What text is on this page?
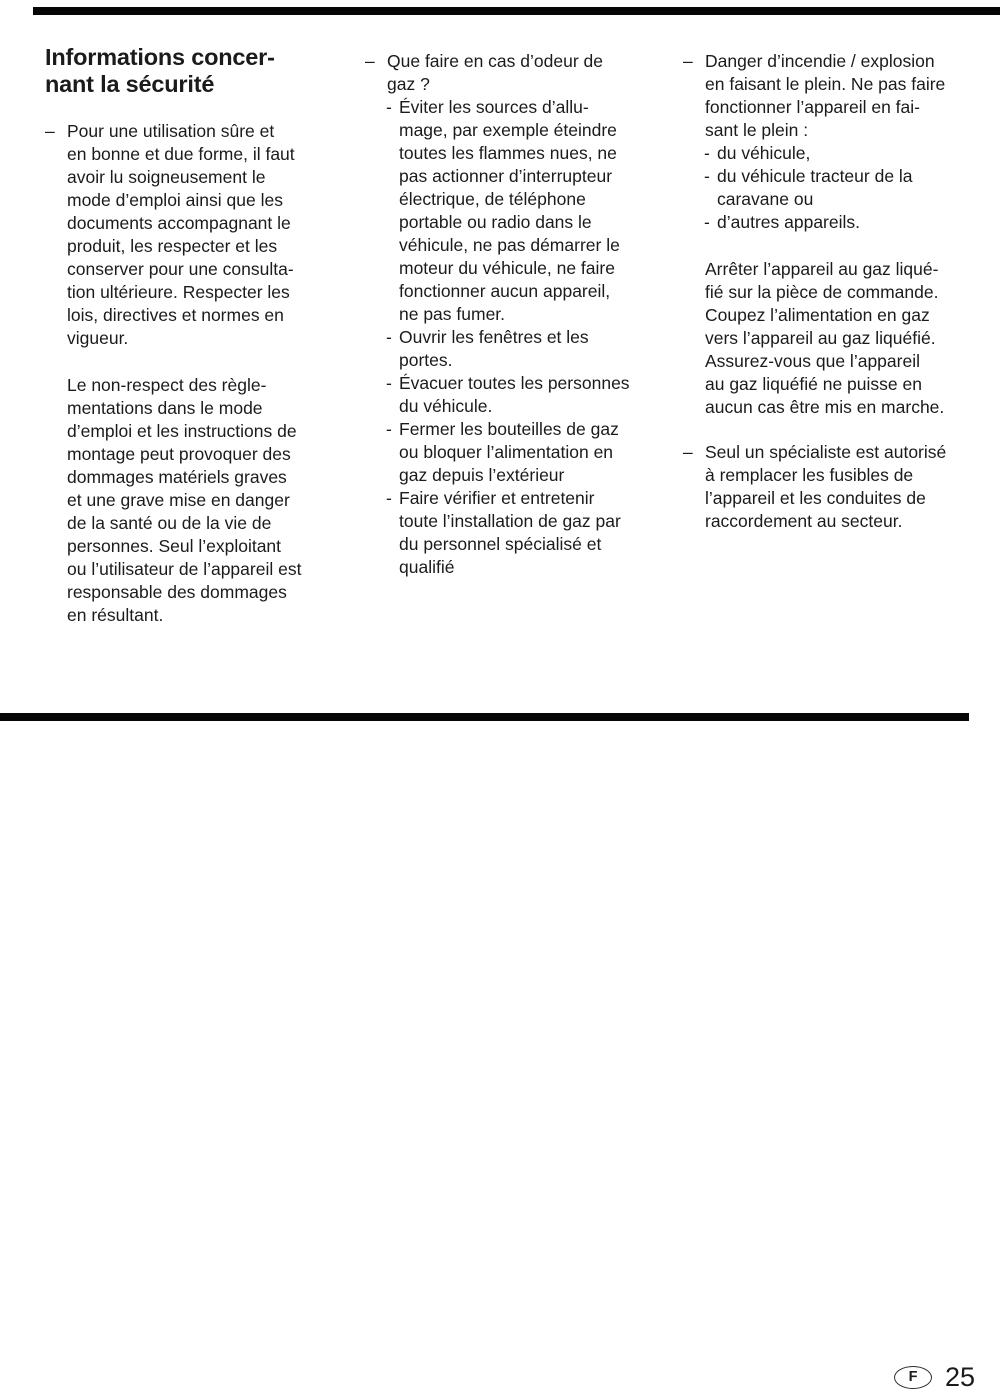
Informations concer-
nant la sécurité
– Pour une utilisation sûre et
en bonne et due forme, il faut
avoir lu soigneusement le
mode d’emploi ainsi que les
documents accompagnant le
produit, les respecter et les
conserver pour une consulta-
tion ultérieure. Respecter les
lois, directives et normes en
vigueur.
Le non-respect des règle-
mentations dans le mode
d’emploi et les instructions de
montage peut provoquer des
dommages matériels graves
et une grave mise en danger
de la santé ou de la vie de
personnes. Seul l’exploitant
ou l’utilisateur de l’appareil est
responsable des dommages
en résultant.
– Que faire en cas d’odeur de
gaz ?
- Éviter les sources d’allu-
mage, par exemple éteindre
toutes les flammes nues, ne
pas actionner d’interrupteur
électrique, de téléphone
portable ou radio dans le
véhicule, ne pas démarrer le
moteur du véhicule, ne faire
fonctionner aucun appareil,
ne pas fumer.
- Ouvrir les fenêtres et les
portes.
- Évacuer toutes les personnes
du véhicule.
- Fermer les bouteilles de gaz
ou bloquer l’alimentation en
gaz depuis l’extérieur
- Faire vérifier et entretenir
toute l’installation de gaz par
du personnel spécialisé et
qualifié
– Danger d’incendie / explosion
en faisant le plein. Ne pas faire
fonctionner l’appareil en fai-
sant le plein :
- du véhicule,
- du véhicule tracteur de la
caravane ou
- d’autres appareils.
Arrêter l’appareil au gaz liqué-
fié sur la pièce de commande.
Coupez l’alimentation en gaz
vers l’appareil au gaz liquéfié.
Assurez-vous que l’appareil
au gaz liquéfié ne puisse en
aucun cas être mis en marche.
– Seul un spécialiste est autorisé
à remplacer les fusibles de
l’appareil et les conduites de
raccordement au secteur.
F 25
